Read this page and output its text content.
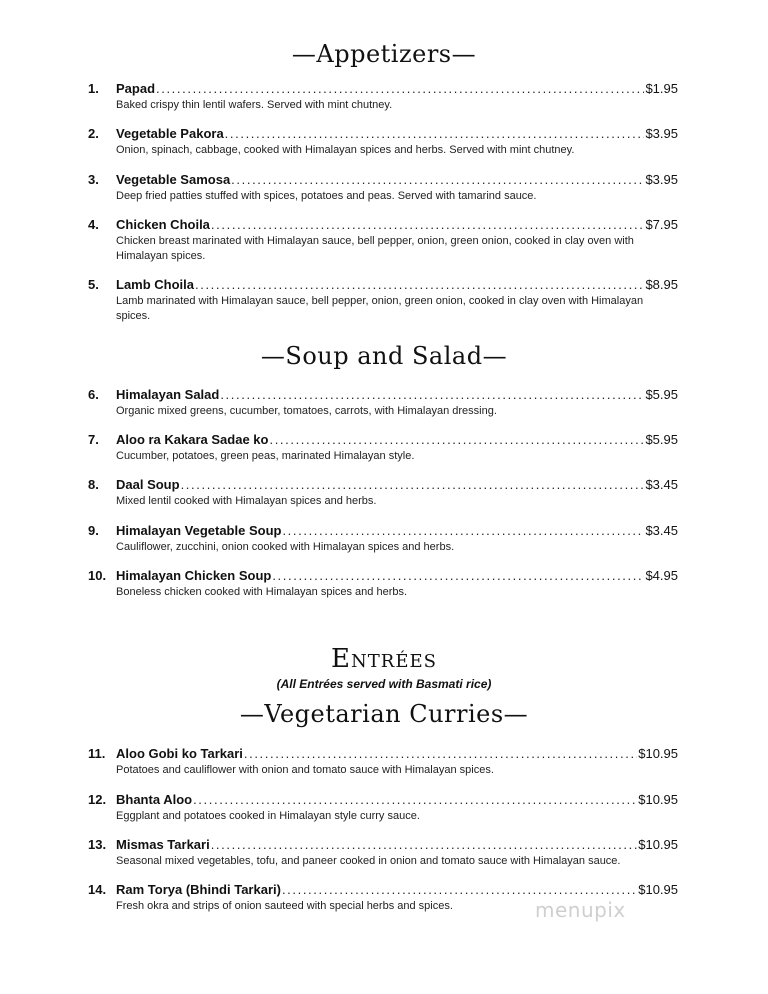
—Appetizers—
1.	Papad . . .	$1.95
Baked crispy thin lentil wafers. Served with mint chutney.
2.	Vegetable Pakora . . .	$3.95
Onion, spinach, cabbage, cooked with Himalayan spices and herbs. Served with mint chutney.
3.	Vegetable Samosa . . .	$3.95
Deep fried patties stuffed with spices, potatoes and peas. Served with tamarind sauce.
4.	Chicken Choila . . .	$7.95
Chicken breast marinated with Himalayan sauce, bell pepper, onion, green onion, cooked in clay oven with Himalayan spices.
5.	Lamb Choila . . .	$8.95
Lamb marinated with Himalayan sauce, bell pepper, onion, green onion, cooked in clay oven with Himalayan spices.
—Soup and Salad—
6.	Himalayan Salad . . .	$5.95
Organic mixed greens, cucumber, tomatoes, carrots, with Himalayan dressing.
7.	Aloo ra Kakara Sadae ko . . .	$5.95
Cucumber, potatoes, green peas, marinated Himalayan style.
8.	Daal Soup . . .	$3.45
Mixed lentil cooked with Himalayan spices and herbs.
9.	Himalayan Vegetable Soup . . .	$3.45
Cauliflower, zucchini, onion cooked with Himalayan spices and herbs.
10. Himalayan Chicken Soup . . .	$4.95
Boneless chicken cooked with Himalayan spices and herbs.
Entrées
(All Entrées served with Basmati rice)
—Vegetarian Curries—
11. Aloo Gobi ko Tarkari . . .	$10.95
Potatoes and cauliflower with onion and tomato sauce with Himalayan spices.
12. Bhanta Aloo . . .	$10.95
Eggplant and potatoes cooked in Himalayan style curry sauce.
13. Mismas Tarkari . . .	$10.95
Seasonal mixed vegetables, tofu, and paneer cooked in onion and tomato sauce with Himalayan sauce.
14. Ram Torya (Bhindi Tarkari) . . .	$10.95
Fresh okra and strips of onion sauteed with special herbs and spices.	menupix
